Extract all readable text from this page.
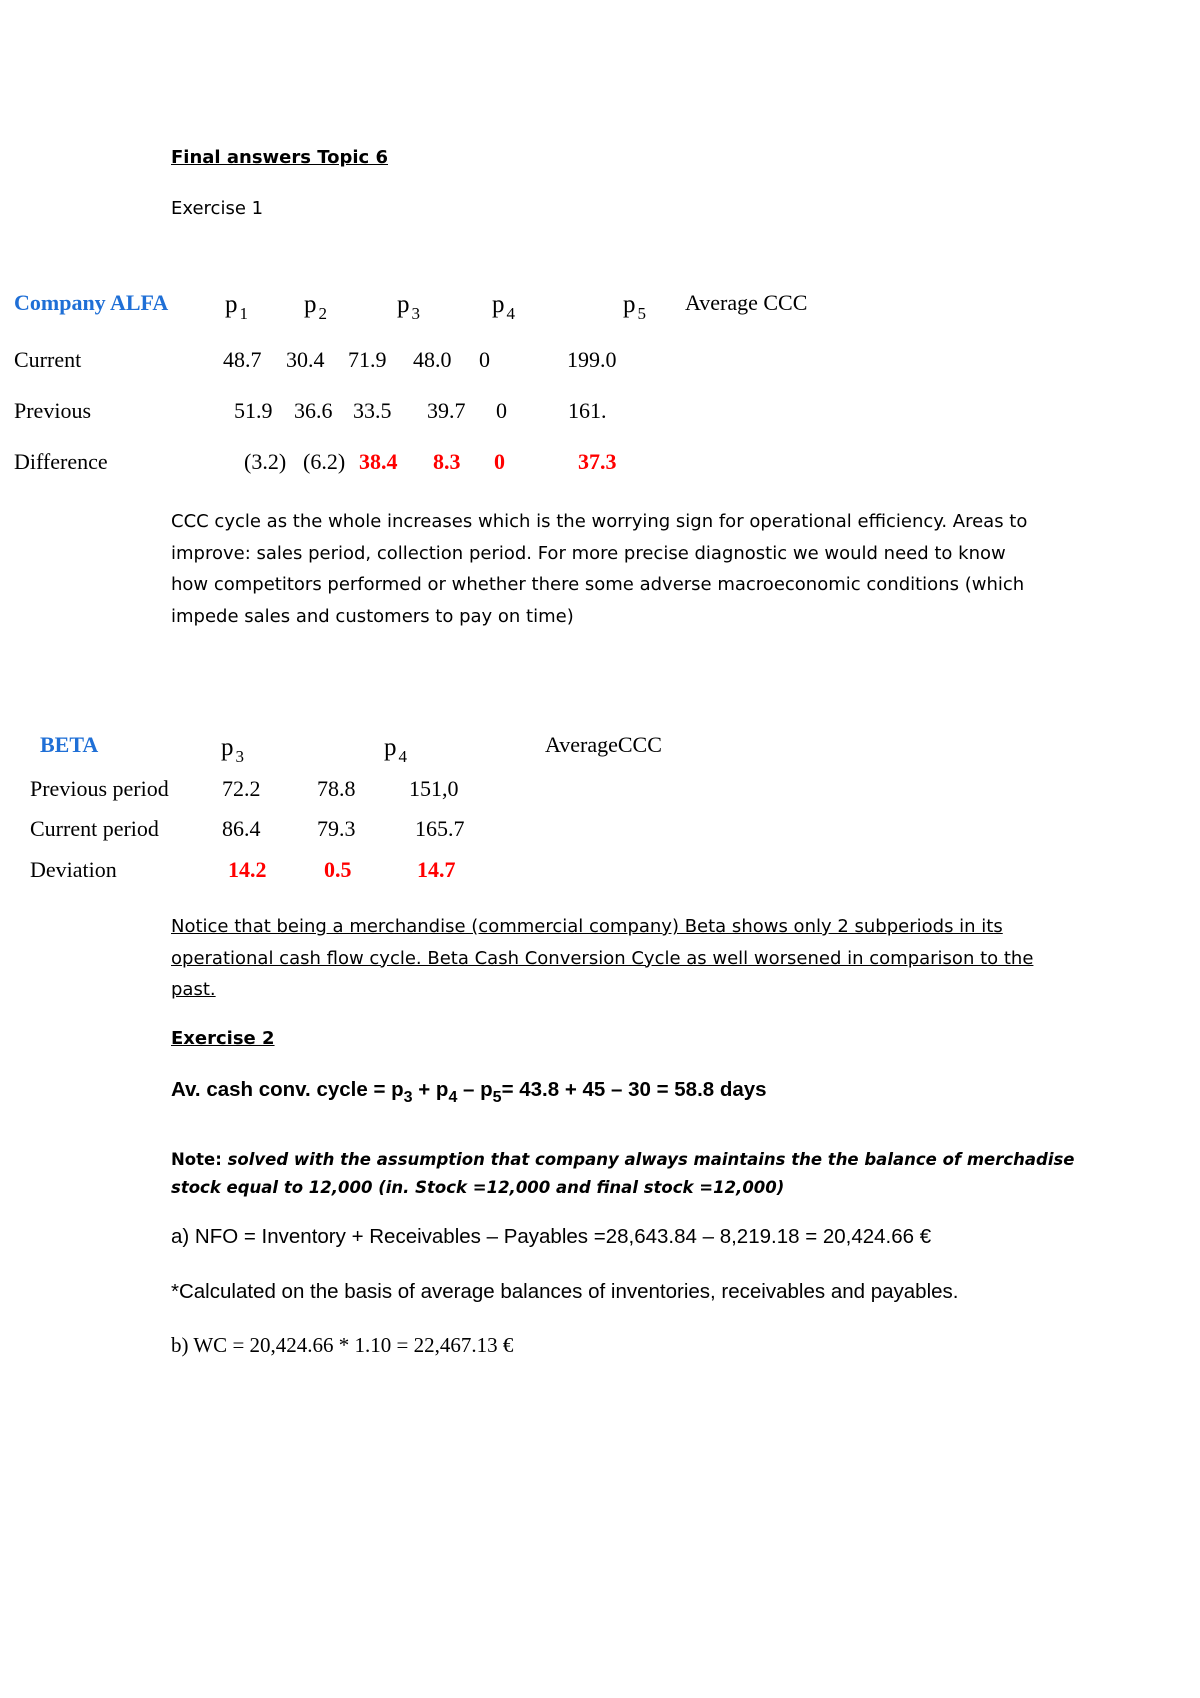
Final answers Topic 6
Exercise 1
Company ALFA p $_1$ p $_2$	p $_3$	p $_4$	p $_5$ Average CCC
Current	48.7 30.4 71.9 48.0 0	199.0
Previous	51.9 36.6 33.5 39.7 0	161.
Difference	(3.2) (6.2) 38.4 8.3 0	37.3
CCC cycle as the whole increases which is the worrying sign for operational efficiency. Areas to
improve: sales period, collection period. For more precise diagnostic we would need to know
how competitors performed or whether there some adverse macroeconomic conditions (which
impede sales and customers to pay on time)
BETA	p $_3$	p $_4$	AverageCCC
Previous period 72.2	78.8 151,0
Current period	86.4	79.3	165.7
Deviation	14.2	0.5	14.7
Notice that being a merchandise (commercial company) Beta shows only 2 subperiods in its
operational cash flow cycle. Beta Cash Conversion Cycle as well worsened in comparison to the
past.
Exercise 2
Av. cash conv. cycle = $p_3 + p_4 - p_5= 43.8 + 45 - 30 = 58.8$ days
Note: solved with the assumption that company always maintains the the balance of merchadise
stock equal to 12,000 (in. Stock =12,000 and final stock =12,000)
a) NFO = Inventory + Receivables – Payables =28,643.84 – 8,219.18 = 20,424.66 €
*Calculated on the basis of average balances of inventories, receivables and payables.
b) WC = 20,424.66 * 1.10 = 22,467.13 €
